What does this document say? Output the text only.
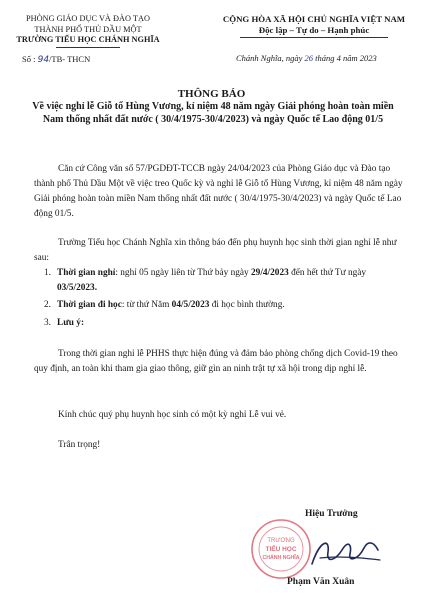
PHÒNG GIÁO DỤC VÀ ĐÀO TẠO
THÀNH PHỐ THỦ DẦU MỘT
TRƯỜNG TIỂU HỌC CHÁNH NGHĨA
Số : 94/TB- THCN
CỘNG HÒA XÃ HỘI CHỦ NGHĨA VIỆT NAM
Độc lập – Tự do – Hạnh phúc
Chánh Nghĩa, ngày 26 tháng 4 năm 2023
THÔNG BÁO
Về việc nghỉ lễ Giỗ tổ Hùng Vương, kỉ niệm 48 năm ngày Giải phóng hoàn toàn miền Nam thống nhất đất nước ( 30/4/1975-30/4/2023) và ngày Quốc tế Lao động 01/5
Căn cứ Công văn số 57/PGDĐT-TCCB ngày 24/04/2023 của Phòng Giáo dục và Đào tạo thành phố Thủ Dầu Một về việc treo Quốc kỳ và nghỉ lễ Giỗ tổ Hùng Vương, kỉ niệm 48 năm ngày Giải phóng hoàn toàn miền Nam thống nhất đất nước ( 30/4/1975-30/4/2023) và ngày Quốc tế Lao động 01/5.
Trường Tiểu học Chánh Nghĩa xin thông báo đến phụ huynh học sinh thời gian nghỉ lễ như sau:
1. Thời gian nghỉ: nghỉ 05 ngày liên từ Thứ bảy ngày 29/4/2023 đến hết thứ Tư ngày 03/5/2023.
2. Thời gian đi học: từ thứ Năm 04/5/2023 đi học bình thường.
3. Lưu ý:
Trong thời gian nghỉ lễ PHHS thực hiện đúng và đảm bảo phòng chống dịch Covid-19 theo quy định, an toàn khi tham gia giao thông, giữ gìn an ninh trật tự xã hội trong dịp nghỉ lễ.
Kính chúc quý phụ huynh học sinh có một kỳ nghỉ Lễ vui vẻ.
Trân trọng!
Hiệu Trưởng
TRƯỜNG
TIỂU HỌC
CHÁNH NGHĨA
Phạm Văn Xuân
